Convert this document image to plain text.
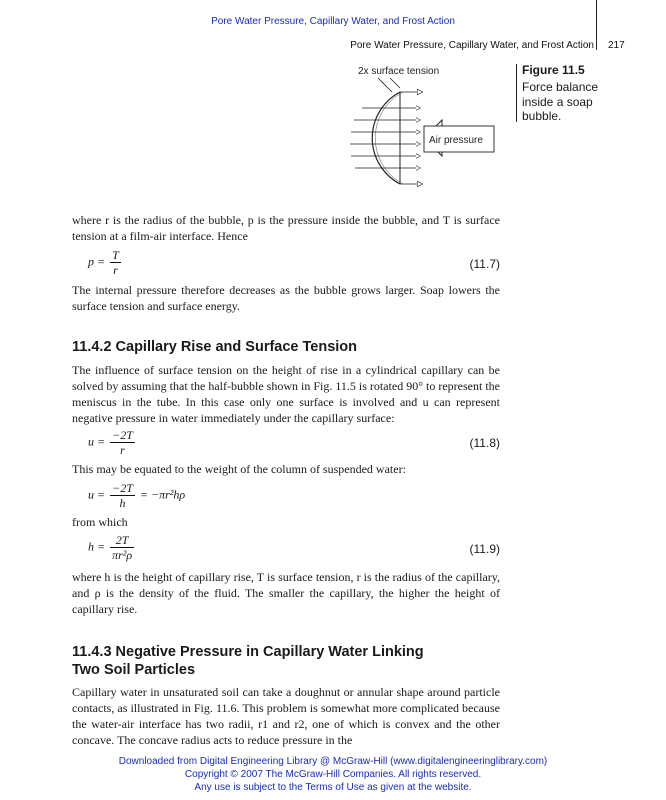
Pore Water Pressure, Capillary Water, and Frost Action
Pore Water Pressure, Capillary Water, and Frost Action 217
2x surface tension
Air pressure
Figure 11.5
Force balance inside a soap bubble.
where r is the radius of the bubble, p is the pressure inside the bubble, and T is surface tension at a film-air interface. Hence
$p = \frac{T}{r}$	(11.7)
The internal pressure therefore decreases as the bubble grows larger. Soap lowers the surface tension and surface energy.
11.4.2 Capillary Rise and Surface Tension
The influence of surface tension on the height of rise in a cylindrical capillary can be solved by assuming that the half-bubble shown in Fig. 11.5 is rotated 90° to represent the meniscus in the tube. In this case only one surface is involved and u can represent negative pressure in water immediately under the capillary surface:
$u = \frac{-2T}{r}$	(11.8)
This may be equated to the weight of the column of suspended water:
$u = \frac{-2T}{h} = -\pi r^2h\rho$
from which
$h = \frac{2T}{\text{πr²ρ}}$	(11.9)
where h is the height of capillary rise, T is surface tension, r is the radius of the capillary, and ρ is the density of the fluid. The smaller the capillary, the higher the height of capillary rise.
11.4.3 Negative Pressure in Capillary Water Linking
Two Soil Particles
Capillary water in unsaturated soil can take a doughnut or annular shape around particle contacts, as illustrated in Fig. 11.6. This problem is somewhat more complicated because the water-air interface has two radii, r1 and r2, one of which is convex and the other concave. The concave radius acts to reduce pressure in the
Downloaded from Digital Engineering Library @ McGraw-Hill (www.digitalengineeringlibrary.com)
Copyright © 2007 The McGraw-Hill Companies. All rights reserved.
Any use is subject to the Terms of Use as given at the website.
